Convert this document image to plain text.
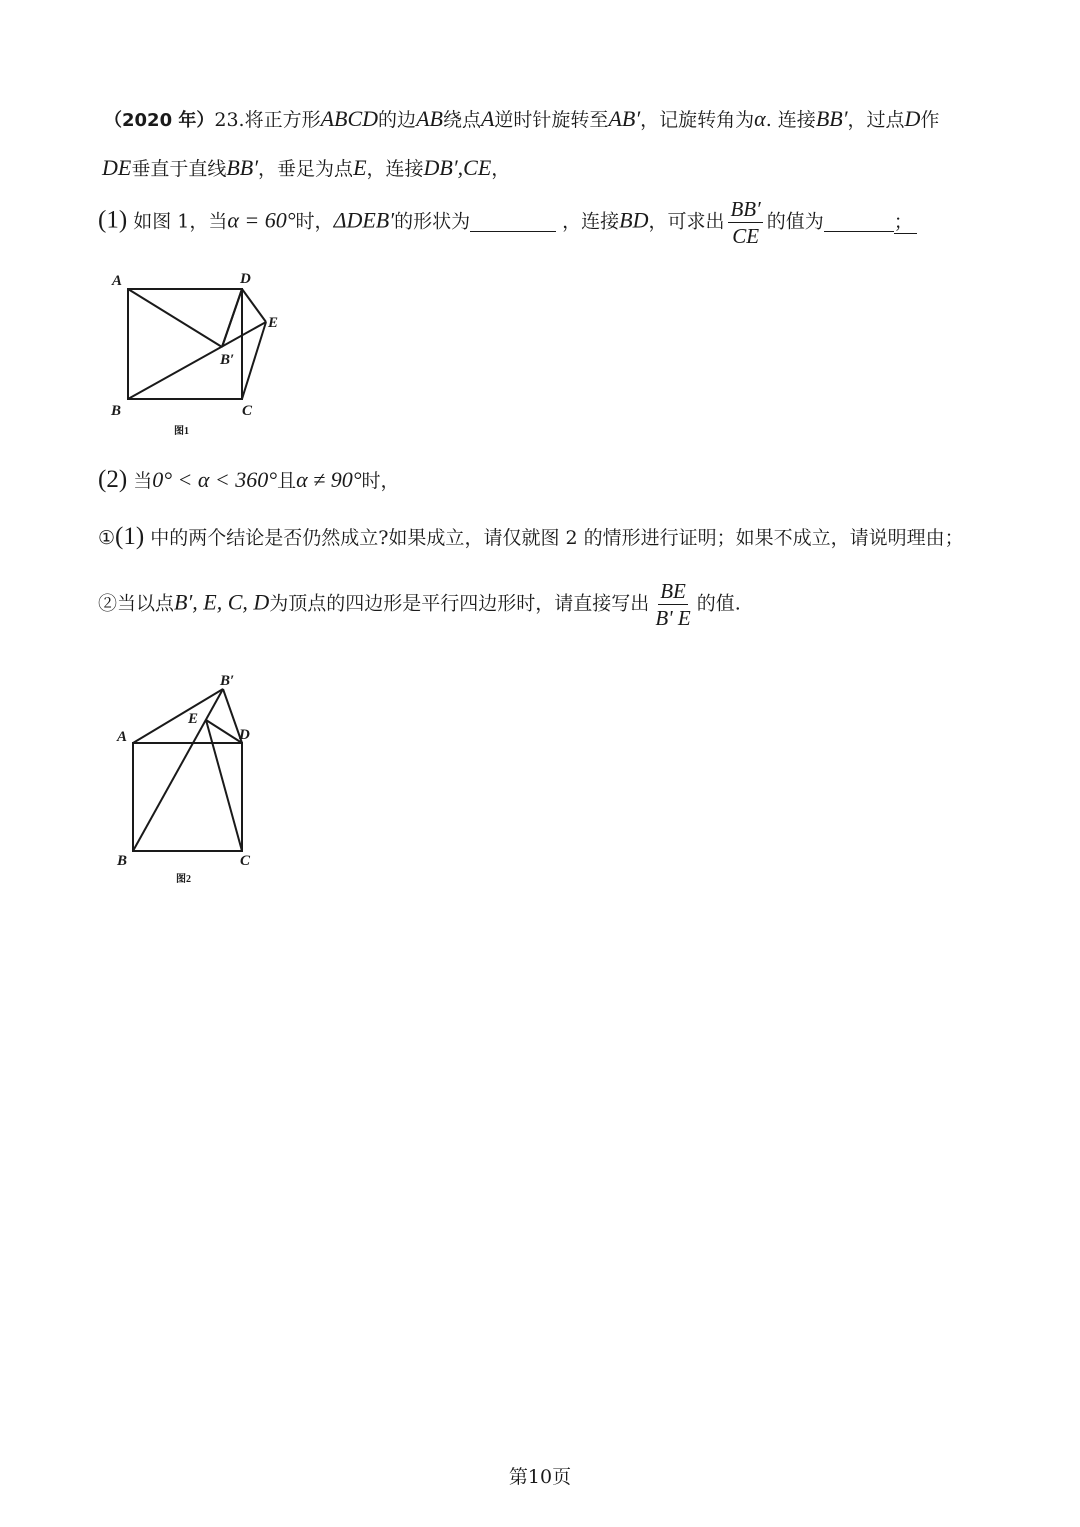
（2020 年）23.将正方形ABCD的边AB绕点A逆时针旋转至AB′，记旋转角为α. 连接BB′，过点D作
DE垂直于直线BB′，垂足为点E，连接DB′,CE，
(1) 如图 1，当α = 60°时，ΔDEB′的形状为	，连接BD，可求出 $\frac{BB'}{CE}$ 的值为	；
A	D
E
B′
B	C
图1
(2) 当0° < α < 360°且α ≠ 90°时，
①(1) 中的两个结论是否仍然成立?如果成立，请仅就图 2 的情形进行证明；如果不成立，请说明理由；
②当以点B′, E, C, D为顶点的四边形是平行四边形时，请直接写出 $\frac{BE}{B' E}$ 的值.
B′
E
A	D
B	C
图2
第10页
